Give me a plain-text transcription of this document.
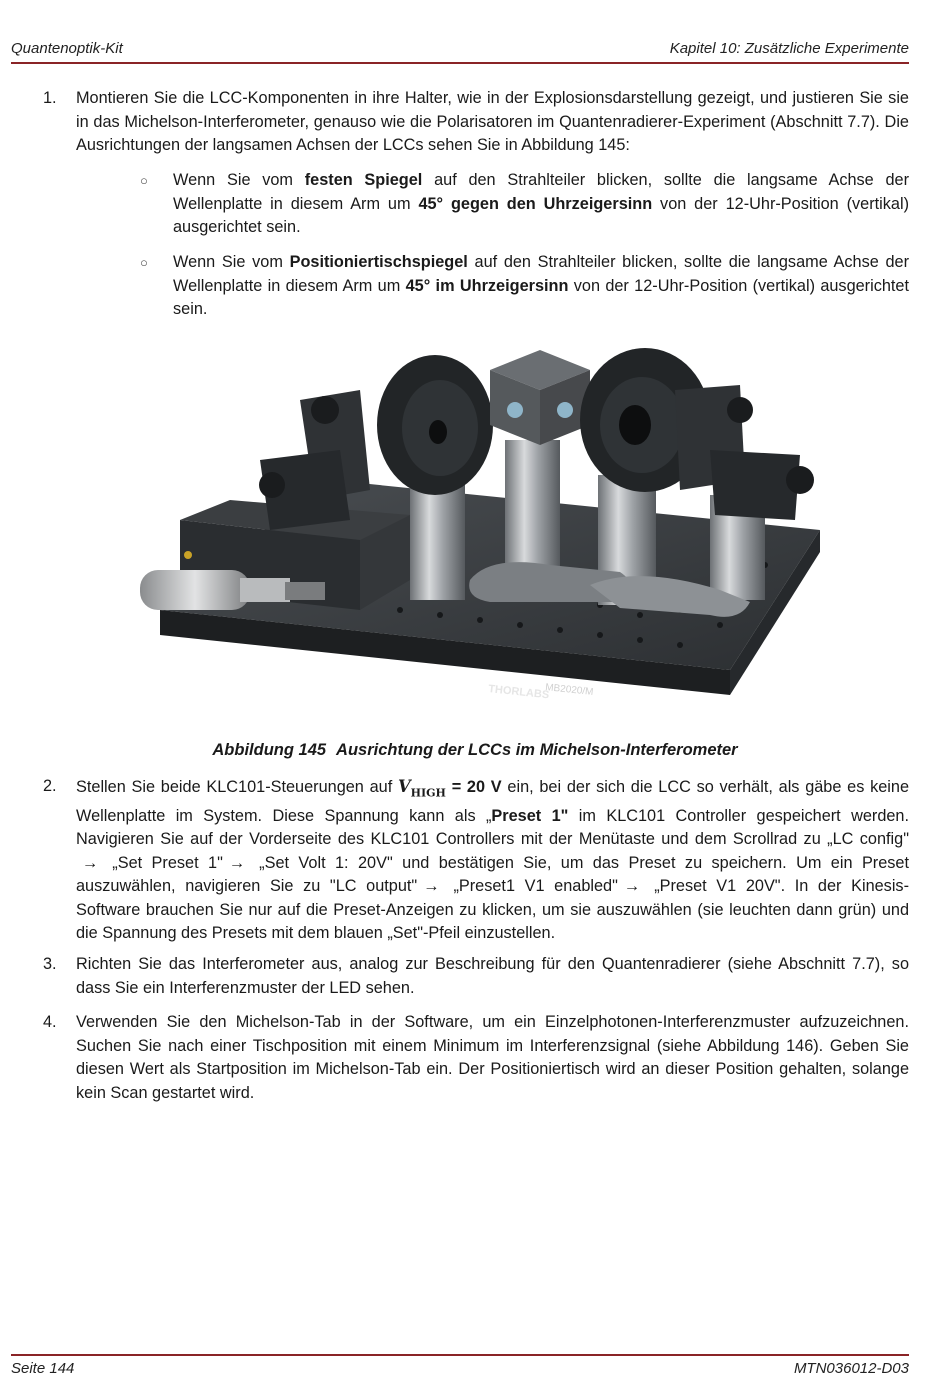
Quantenoptik-Kit	Kapitel 10: Zusätzliche Experimente
1. Montieren Sie die LCC-Komponenten in ihre Halter, wie in der Explosionsdarstellung gezeigt, und justieren Sie sie in das Michelson-Interferometer, genauso wie die Polarisatoren im Quantenradierer-Experiment (Abschnitt 7.7). Die Ausrichtungen der langsamen Achsen der LCCs sehen Sie in Abbildung 145:
○ Wenn Sie vom festen Spiegel auf den Strahlteiler blicken, sollte die langsame Achse der Wellenplatte in diesem Arm um 45° gegen den Uhrzeigersinn von der 12-Uhr-Position (vertikal) ausgerichtet sein.
○ Wenn Sie vom Positioniertischspiegel auf den Strahlteiler blicken, sollte die langsame Achse der Wellenplatte in diesem Arm um 45° im Uhrzeigersinn von der 12-Uhr-Position (vertikal) ausgerichtet sein.
THORLABS
MB2020/M
Abbildung 145 Ausrichtung der LCCs im Michelson-Interferometer
2. Stellen Sie beide KLC101-Steuerungen auf $V_{HIGH} = 20$ V ein, bei der sich die LCC so verhält, als gäbe es keine Wellenplatte im System. Diese Spannung kann als „Preset 1" im KLC101 Controller gespeichert werden. Navigieren Sie auf der Vorderseite des KLC101 Controllers mit der Menütaste und dem Scrollrad zu „LC config"→ „Set Preset 1" → „Set Volt 1: 20V" und bestätigen Sie, um das Preset zu speichern. Um ein Preset auszuwählen, navigieren Sie zu "LC output" → „Preset1 V1 enabled" → „Preset V1 20V". In der Kinesis-Software brauchen Sie nur auf die Preset-Anzeigen zu klicken, um sie auszuwählen (sie leuchten dann grün) und die Spannung des Presets mit dem blauen „Set"-Pfeil einzustellen.
3. Richten Sie das Interferometer aus, analog zur Beschreibung für den Quantenradierer (siehe Abschnitt 7.7), so dass Sie ein Interferenzmuster der LED sehen.
4. Verwenden Sie den Michelson-Tab in der Software, um ein Einzelphotonen-Interferenzmuster aufzuzeichnen. Suchen Sie nach einer Tischposition mit einem Minimum im Interferenzsignal (siehe Abbildung 146). Geben Sie diesen Wert als Startposition im Michelson-Tab ein. Der Positioniertisch wird an dieser Position gehalten, solange kein Scan gestartet wird.
Seite 144	MTN036012-D03
